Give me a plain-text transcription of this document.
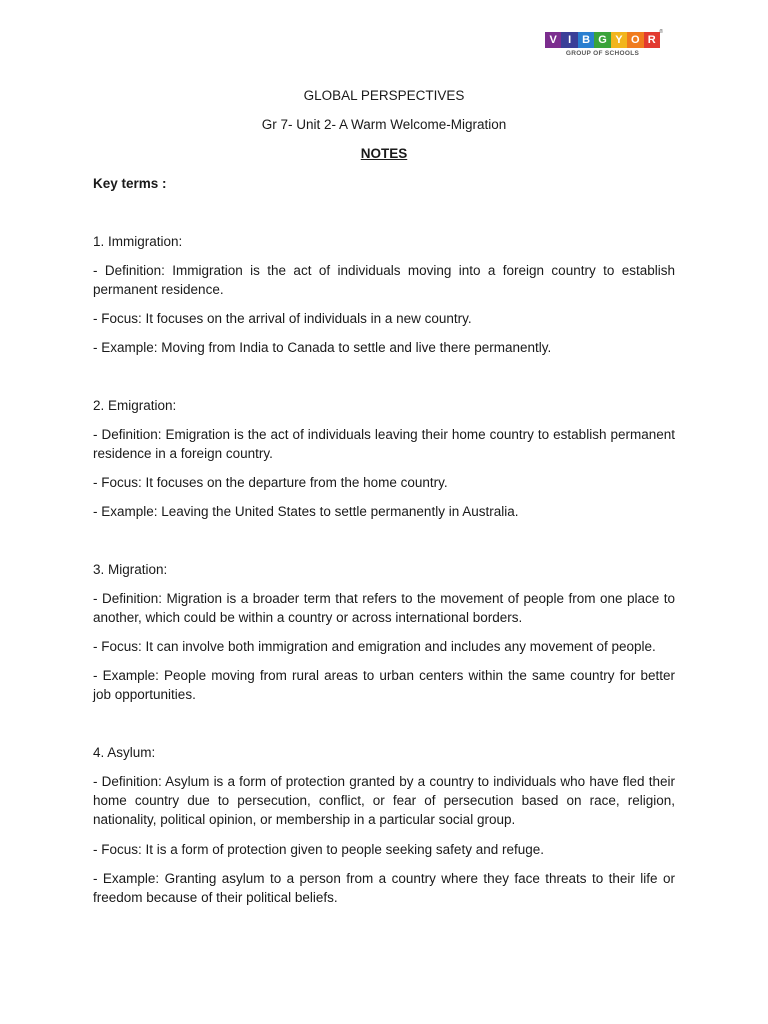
V	I B G Y O R
GROUP OF SCHOOLS
®
GLOBAL PERSPECTIVES
Gr 7- Unit 2- A Warm Welcome-Migration
NOTES

Key terms :

1. Immigration:

- Definition: Immigration is the act of individuals moving into a foreign country to establish permanent residence.

- Focus: It focuses on the arrival of individuals in a new country.

- Example: Moving from India to Canada to settle and live there permanently.

2. Emigration:

- Definition: Emigration is the act of individuals leaving their home country to establish permanent residence in a foreign country.

- Focus: It focuses on the departure from the home country.

- Example: Leaving the United States to settle permanently in Australia.

3. Migration:

- Definition: Migration is a broader term that refers to the movement of people from one place to another, which could be within a country or across international borders.

- Focus: It can involve both immigration and emigration and includes any movement of people.

- Example: People moving from rural areas to urban centers within the same country for better job opportunities.

4. Asylum:

- Definition: Asylum is a form of protection granted by a country to individuals who have fled their home country due to persecution, conflict, or fear of persecution based on race, religion, nationality, political opinion, or membership in a particular social group.

- Focus: It is a form of protection given to people seeking safety and refuge.

- Example: Granting asylum to a person from a country where they face threats to their life or freedom because of their political beliefs.
